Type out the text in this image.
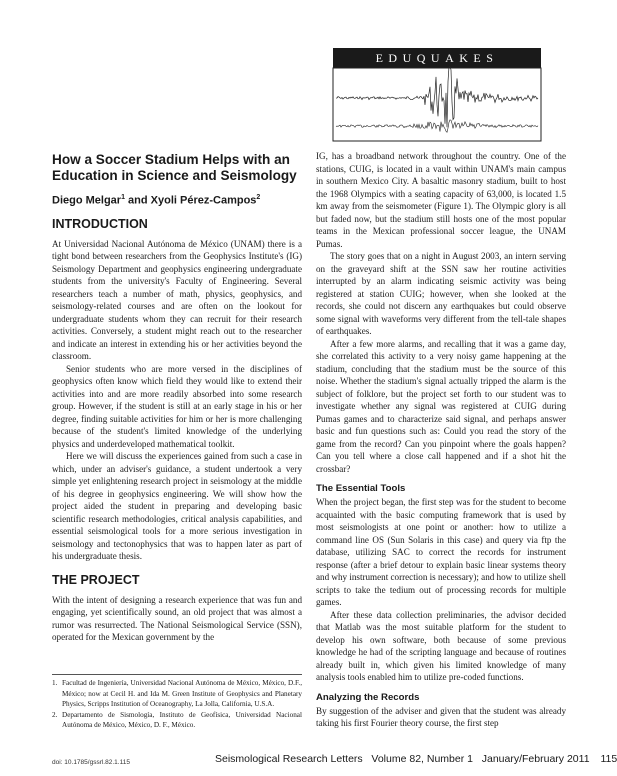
EDUQUAKES
How a Soccer Stadium Helps with an Education in Science and Seismology
Diego Melgar$^1$ and Xyoli Pérez-Campos$^2$
INTRODUCTION

At Universidad Nacional Autónoma de México (UNAM) there is a tight bond between researchers from the Geophysics Institute's (IG) Seismology Department and geophysics engineering undergraduate students from the university's Faculty of Engineering. Several researchers teach a number of math, physics, geophysics, and seismology-related courses and are often on the lookout for undergraduate students whom they can recruit for their research activities. Conversely, a student might reach out to the researcher and indicate an interest in extending his or her activities beyond the classroom.

Senior students who are more versed in the disciplines of geophysics often know which field they would like to extend their activities into and are more readily absorbed into some research group. However, if the student is still at an early stage in his or her degree, finding suitable activities for him or her is more challenging because of the student's limited knowledge of the underlying physics and underdeveloped mathematical toolkit.

Here we will discuss the experiences gained from such a case in which, under an adviser's guidance, a student undertook a very simple yet enlightening research project in seismology at the middle of his degree in geophysics engineering. We will show how the project aided the student in preparing and developing basic scientific research methodologies, critical analysis capabilities, and essential seismological tools for a more serious investigation in seismology and tectonophysics that was to happen later as part of his undergraduate thesis.

THE PROJECT

With the intent of designing a research experience that was fun and engaging, yet scientifically sound, an old project that was almost a rumor was resurrected. The National Seismological Service (SSN), operated for the Mexican government by the

IG, has a broadband network throughout the country. One of the stations, CUIG, is located in a vault within UNAM's main campus in southern Mexico City. A basaltic masonry stadium, built to host the 1968 Olympics with a seating capacity of 63,000, is located 1.5 km away from the seismometer (Figure 1). The Olympic glory is all but faded now, but the stadium still hosts one of the most popular teams in the Mexican professional soccer league, the UNAM Pumas.

The story goes that on a night in August 2003, an intern serving on the graveyard shift at the SSN saw her routine activities interrupted by an alarm indicating seismic activity was being registered at station CUIG; however, when she looked at the records, she could not discern any earthquakes but could observe some signal with waveforms very different from the tell-tale shapes of earthquakes.

After a few more alarms, and recalling that it was a game day, she correlated this activity to a very noisy game happening at the stadium, concluding that the stadium must be the source of this noise. Whether the stadium's signal actually tripped the alarm is the subject of folklore, but the project set forth to our student was to investigate whether any signal was registered at CUIG during Pumas games and to characterize said signal, and perhaps answer basic and fun questions such as: Could you read the story of the game from the record? Can you pinpoint where the goals happen? Can you tell where a close call happened and if a shot hit the crossbar?

The Essential Tools

When the project began, the first step was for the student to become acquainted with the basic computing framework that is used by most seismologists at one point or another: how to utilize a command line OS (Sun Solaris in this case) and query via ftp the database, utilizing SAC to correct the records for instrument response (after a brief detour to explain basic linear systems theory and why instrument correction is necessary); and how to utilize shell scripts to take the tedium out of processing records for multiple games.

After these data collection preliminaries, the advisor decided that Matlab was the most suitable platform for the student to develop his own software, both because of some previous knowledge he had of the scripting language and because of routines already built in, which given his limited knowledge of many analysis tools enabled him to utilize pre-coded functions.

Analyzing the Records

By suggestion of the adviser and given that the student was already taking his first Fourier theory course, the first step

1. Facultad de Ingeniería, Universidad Nacional Autónoma de México, México, D.F., México; now at Cecil H. and Ida M. Green Institute of Geophysics and Planetary Physics, Scripps Institution of Oceanography, La Jolla, California, U.S.A.
2. Departamento de Sismología, Instituto de Geofísica, Universidad Nacional Autónoma de México, México, D. F., México.
doi: 10.1785/gssrl.82.1.115	Seismological Research Letters Volume 82, Number 1 January/February 2011 115
